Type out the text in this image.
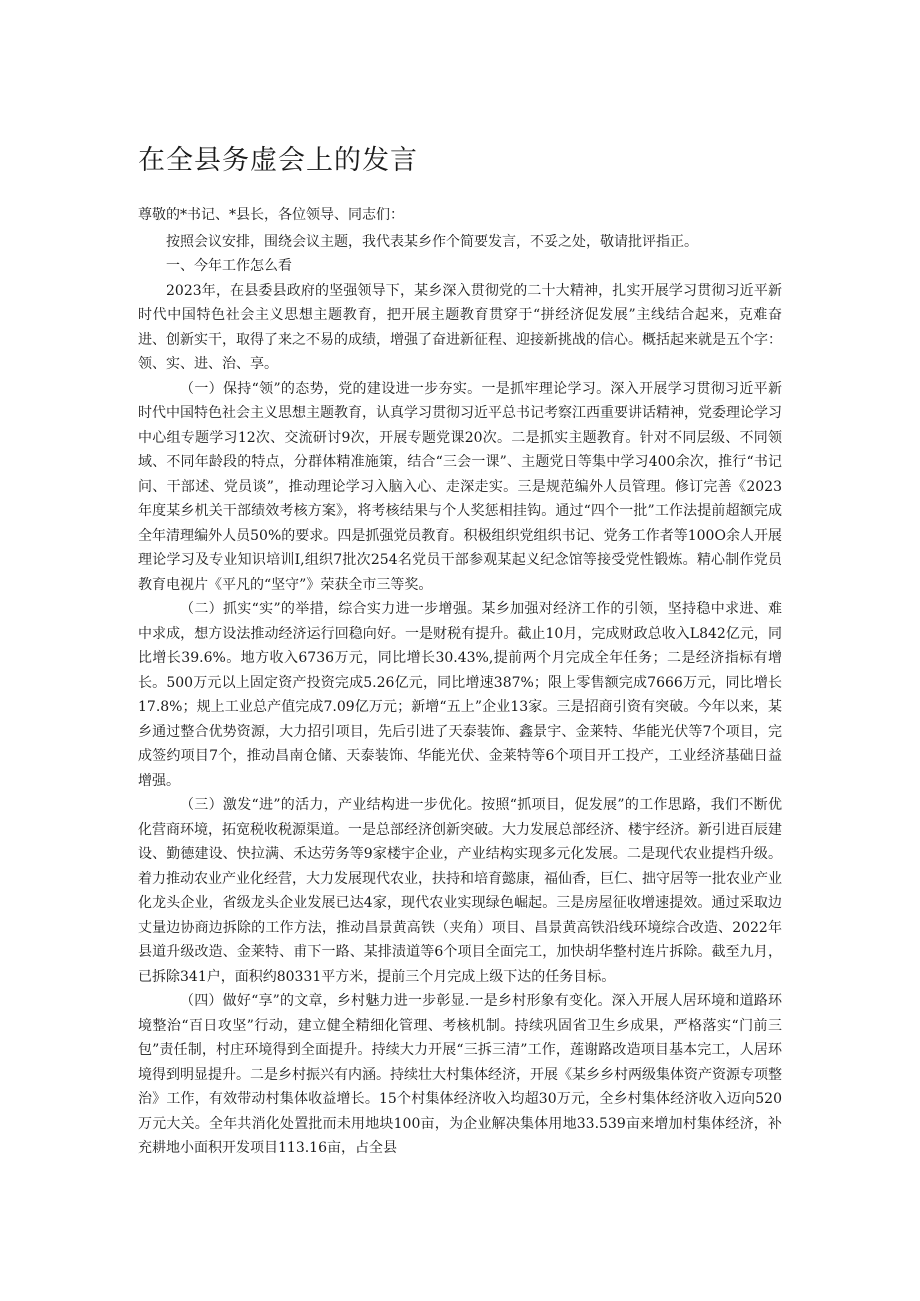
在全县务虚会上的发言

尊敬的*书记、*县长，各位领导、同志们：

按照会议安排，围绕会议主题，我代表某乡作个简要发言，不妥之处，敬请批评指正。

一、今年工作怎么看

2023年，在县委县政府的坚强领导下，某乡深入贯彻党的二十大精神，扎实开展学习贯彻习近平新时代中国特色社会主义思想主题教育，把开展主题教育贯穿于“拼经济促发展”主线结合起来，克难奋进、创新实干，取得了来之不易的成绩，增强了奋进新征程、迎接新挑战的信心。概括起来就是五个字：领、实、进、治、享。

（一）保持“领”的态势，党的建设进一步夯实。一是抓牢理论学习。深入开展学习贯彻习近平新时代中国特色社会主义思想主题教育，认真学习贯彻习近平总书记考察江西重要讲话精神，党委理论学习中心组专题学习12次、交流研讨9次，开展专题党课20次。二是抓实主题教育。针对不同层级、不同领域、不同年龄段的特点，分群体精准施策，结合“三会一课”、主题党日等集中学习400余次，推行“书记问、干部述、党员谈”，推动理论学习入脑入心、走深走实。三是规范编外人员管理。修订完善《2023年度某乡机关干部绩效考核方案》，将考核结果与个人奖惩相挂钩。通过“四个一批”工作法提前超额完成全年清理编外人员50%的要求。四是抓强党员教育。积极组织党组织书记、党务工作者等100O余人开展理论学习及专业知识培训I,组织7批次254名党员干部参观某起义纪念馆等接受党性锻炼。精心制作党员教育电视片《平凡的“坚守”》荣获全市三等奖。

（二）抓实“实”的举措，综合实力进一步增强。某乡加强对经济工作的引领，坚持稳中求进、难中求成，想方设法推动经济运行回稳向好。一是财税有提升。截止10月，完成财政总收入L842亿元，同比增长39.6%。地方收入6736万元，同比增长30.43%,提前两个月完成全年任务；二是经济指标有增长。500万元以上固定资产投资完成5.26亿元，同比增速387%；限上零售额完成7666万元，同比增长17.8%；规上工业总产值完成7.09亿万元；新增“五上”企业13家。三是招商引资有突破。今年以来，某乡通过整合优势资源，大力招引项目，先后引进了天泰装饰、鑫景宇、金莱特、华能光伏等7个项目，完成签约项目7个，推动昌南仓储、天泰装饰、华能光伏、金莱特等6个项目开工投产，工业经济基础日益增强。

（三）激发“进”的活力，产业结构进一步优化。按照“抓项目，促发展”的工作思路，我们不断优化营商环境，拓宽税收税源渠道。一是总部经济创新突破。大力发展总部经济、楼宇经济。新引进百辰建设、勤德建设、快拉满、禾达劳务等9家楼宇企业，产业结构实现多元化发展。二是现代农业提档升级。着力推动农业产业化经营，大力发展现代农业，扶持和培育懿康，福仙香，巨仁、拙守居等一批农业产业化龙头企业，省级龙头企业发展已达4家，现代农业实现绿色崛起。三是房屋征收增速提效。通过采取边丈量边协商边拆除的工作方法，推动昌景黄高铁（夹角）项目、昌景黄高铁沿线环境综合改造、2022年县道升级改造、金莱特、甫下一路、某排渍道等6个项目全面完工，加快胡华整村连片拆除。截至九月，已拆除341户，面积约80331平方米，提前三个月完成上级下达的任务目标。

（四）做好“享”的文章，乡村魅力进一步彰显.一是乡村形象有变化。深入开展人居环境和道路环境整治“百日攻坚”行动，建立健全精细化管理、考核机制。持续巩固省卫生乡成果，严格落实“门前三包”责任制，村庄环境得到全面提升。持续大力开展“三拆三清”工作，莲谢路改造项目基本完工，人居环境得到明显提升。二是乡村振兴有内涵。持续壮大村集体经济，开展《某乡乡村两级集体资产资源专项整治》工作，有效带动村集体收益增长。15个村集体经济收入均超30万元，全乡村集体经济收入迈向520万元大关。全年共消化处置批而未用地块100亩，为企业解决集体用地33.539亩来增加村集体经济，补充耕地小面积开发项目113.16亩，占全县
